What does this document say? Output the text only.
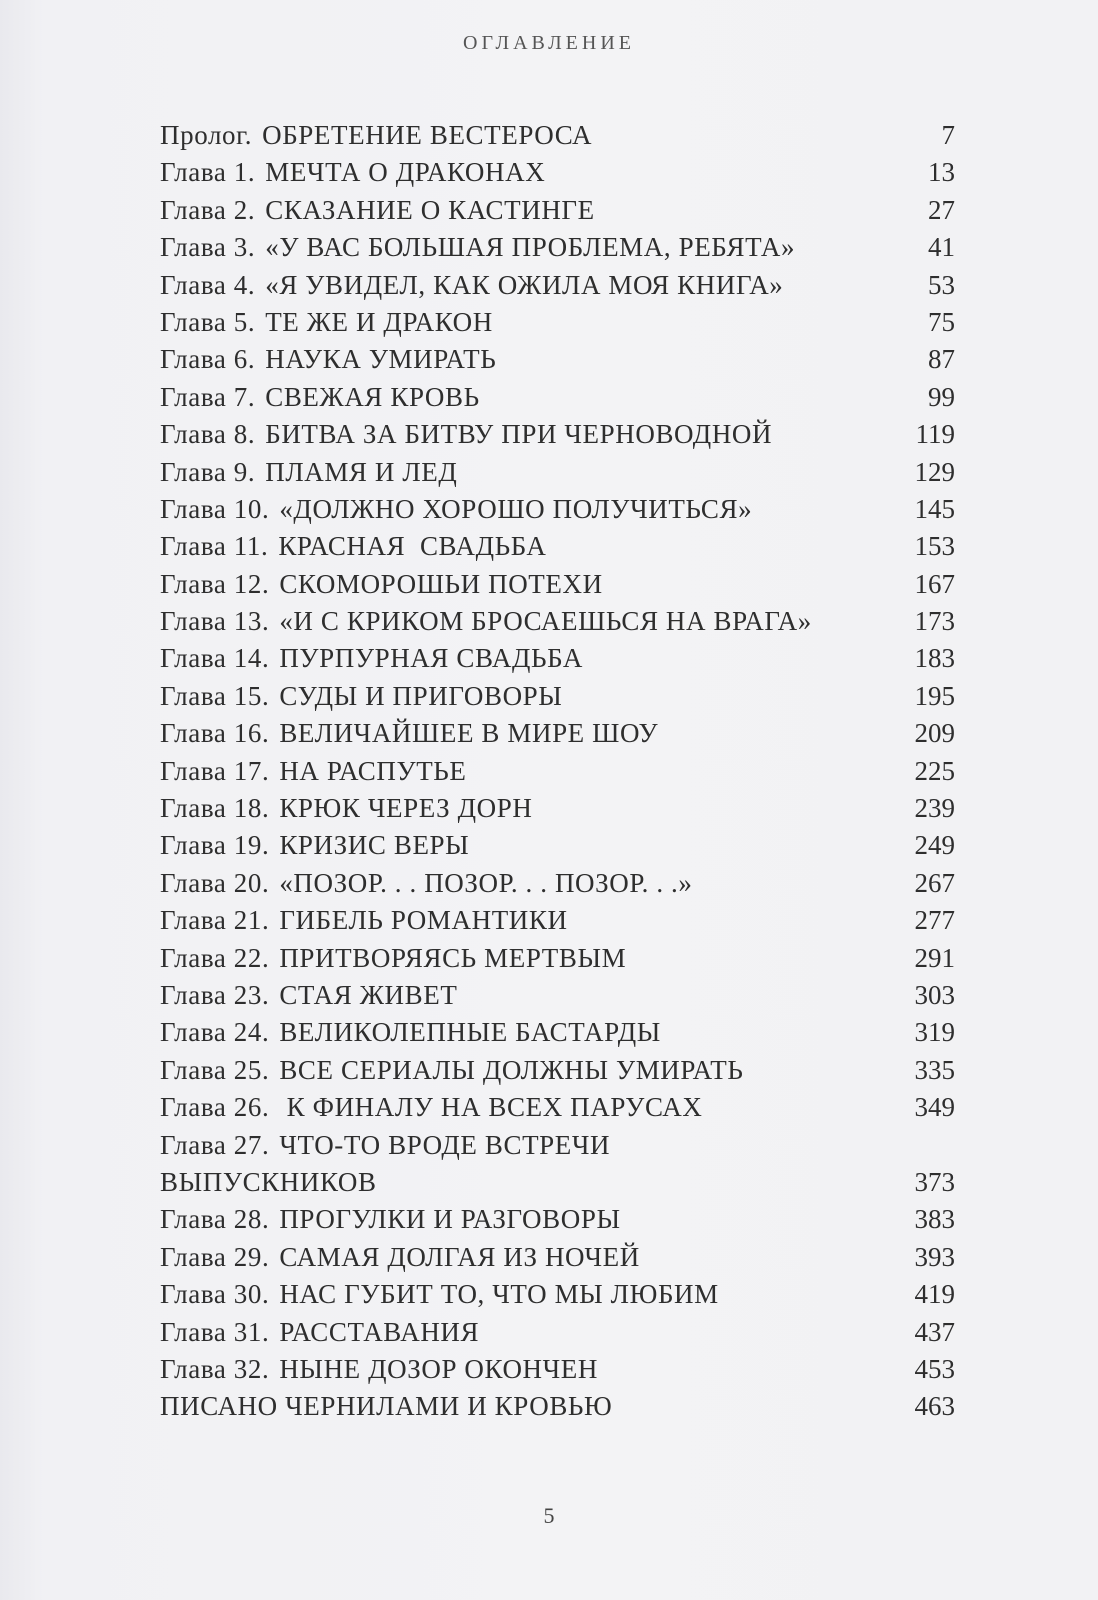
ОГЛАВЛЕНИЕ
Пролог. ОБРЕТЕНИЕ ВЕСТЕРОСА	7
Глава 1. МЕЧТА О ДРАКОНАХ	13
Глава 2. СКАЗАНИЕ О КАСТИНГЕ	27
Глава 3. «У ВАС БОЛЬШАЯ ПРОБЛЕМА, РЕБЯТА»	41
Глава 4. «Я УВИДЕЛ, КАК ОЖИЛА МОЯ КНИГА»	53
Глава 5. ТЕ ЖЕ И ДРАКОН	75
Глава 6. НАУКА УМИРАТЬ	87
Глава 7. СВЕЖАЯ КРОВЬ	99
Глава 8. БИТВА ЗА БИТВУ ПРИ ЧЕРНОВОДНОЙ	119
Глава 9. ПЛАМЯ И ЛЕД	129
Глава 10. «ДОЛЖНО ХОРОШО ПОЛУЧИТЬСЯ»	145
Глава 11. КРАСНАЯ  СВАДЬБА	153
Глава 12. СКОМОРОШЬИ ПОТЕХИ	167
Глава 13. «И С КРИКОМ БРОСАЕШЬСЯ НА ВРАГА»	173
Глава 14. ПУРПУРНАЯ СВАДЬБА	183
Глава 15. СУДЫ И ПРИГОВОРЫ	195
Глава 16. ВЕЛИЧАЙШЕЕ В МИРЕ ШОУ	209
Глава 17. НА РАСПУТЬЕ	225
Глава 18. КРЮК ЧЕРЕЗ ДОРН	239
Глава 19. КРИЗИС ВЕРЫ	249
Глава 20. «ПОЗОР. . . ПОЗОР. . . ПОЗОР. . .»	267
Глава 21. ГИБЕЛЬ РОМАНТИКИ	277
Глава 22. ПРИТВОРЯЯСЬ МЕРТВЫМ	291
Глава 23. СТАЯ ЖИВЕТ	303
Глава 24. ВЕЛИКОЛЕПНЫЕ БАСТАРДЫ	319
Глава 25. ВСЕ СЕРИАЛЫ ДОЛЖНЫ УМИРАТЬ	335
Глава 26. К ФИНАЛУ НА ВСЕХ ПАРУСАХ	349
Глава 27. ЧТО-ТО ВРОДЕ ВСТРЕЧИ
ВЫПУСКНИКОВ	373
Глава 28. ПРОГУЛКИ И РАЗГОВОРЫ	383
Глава 29. САМАЯ ДОЛГАЯ ИЗ НОЧЕЙ	393
Глава 30. НАС ГУБИТ ТО, ЧТО МЫ ЛЮБИМ	419
Глава 31. РАССТАВАНИЯ	437
Глава 32. НЫНЕ ДОЗОР ОКОНЧЕН	453
ПИСАНО ЧЕРНИЛАМИ И КРОВЬЮ	463
5
